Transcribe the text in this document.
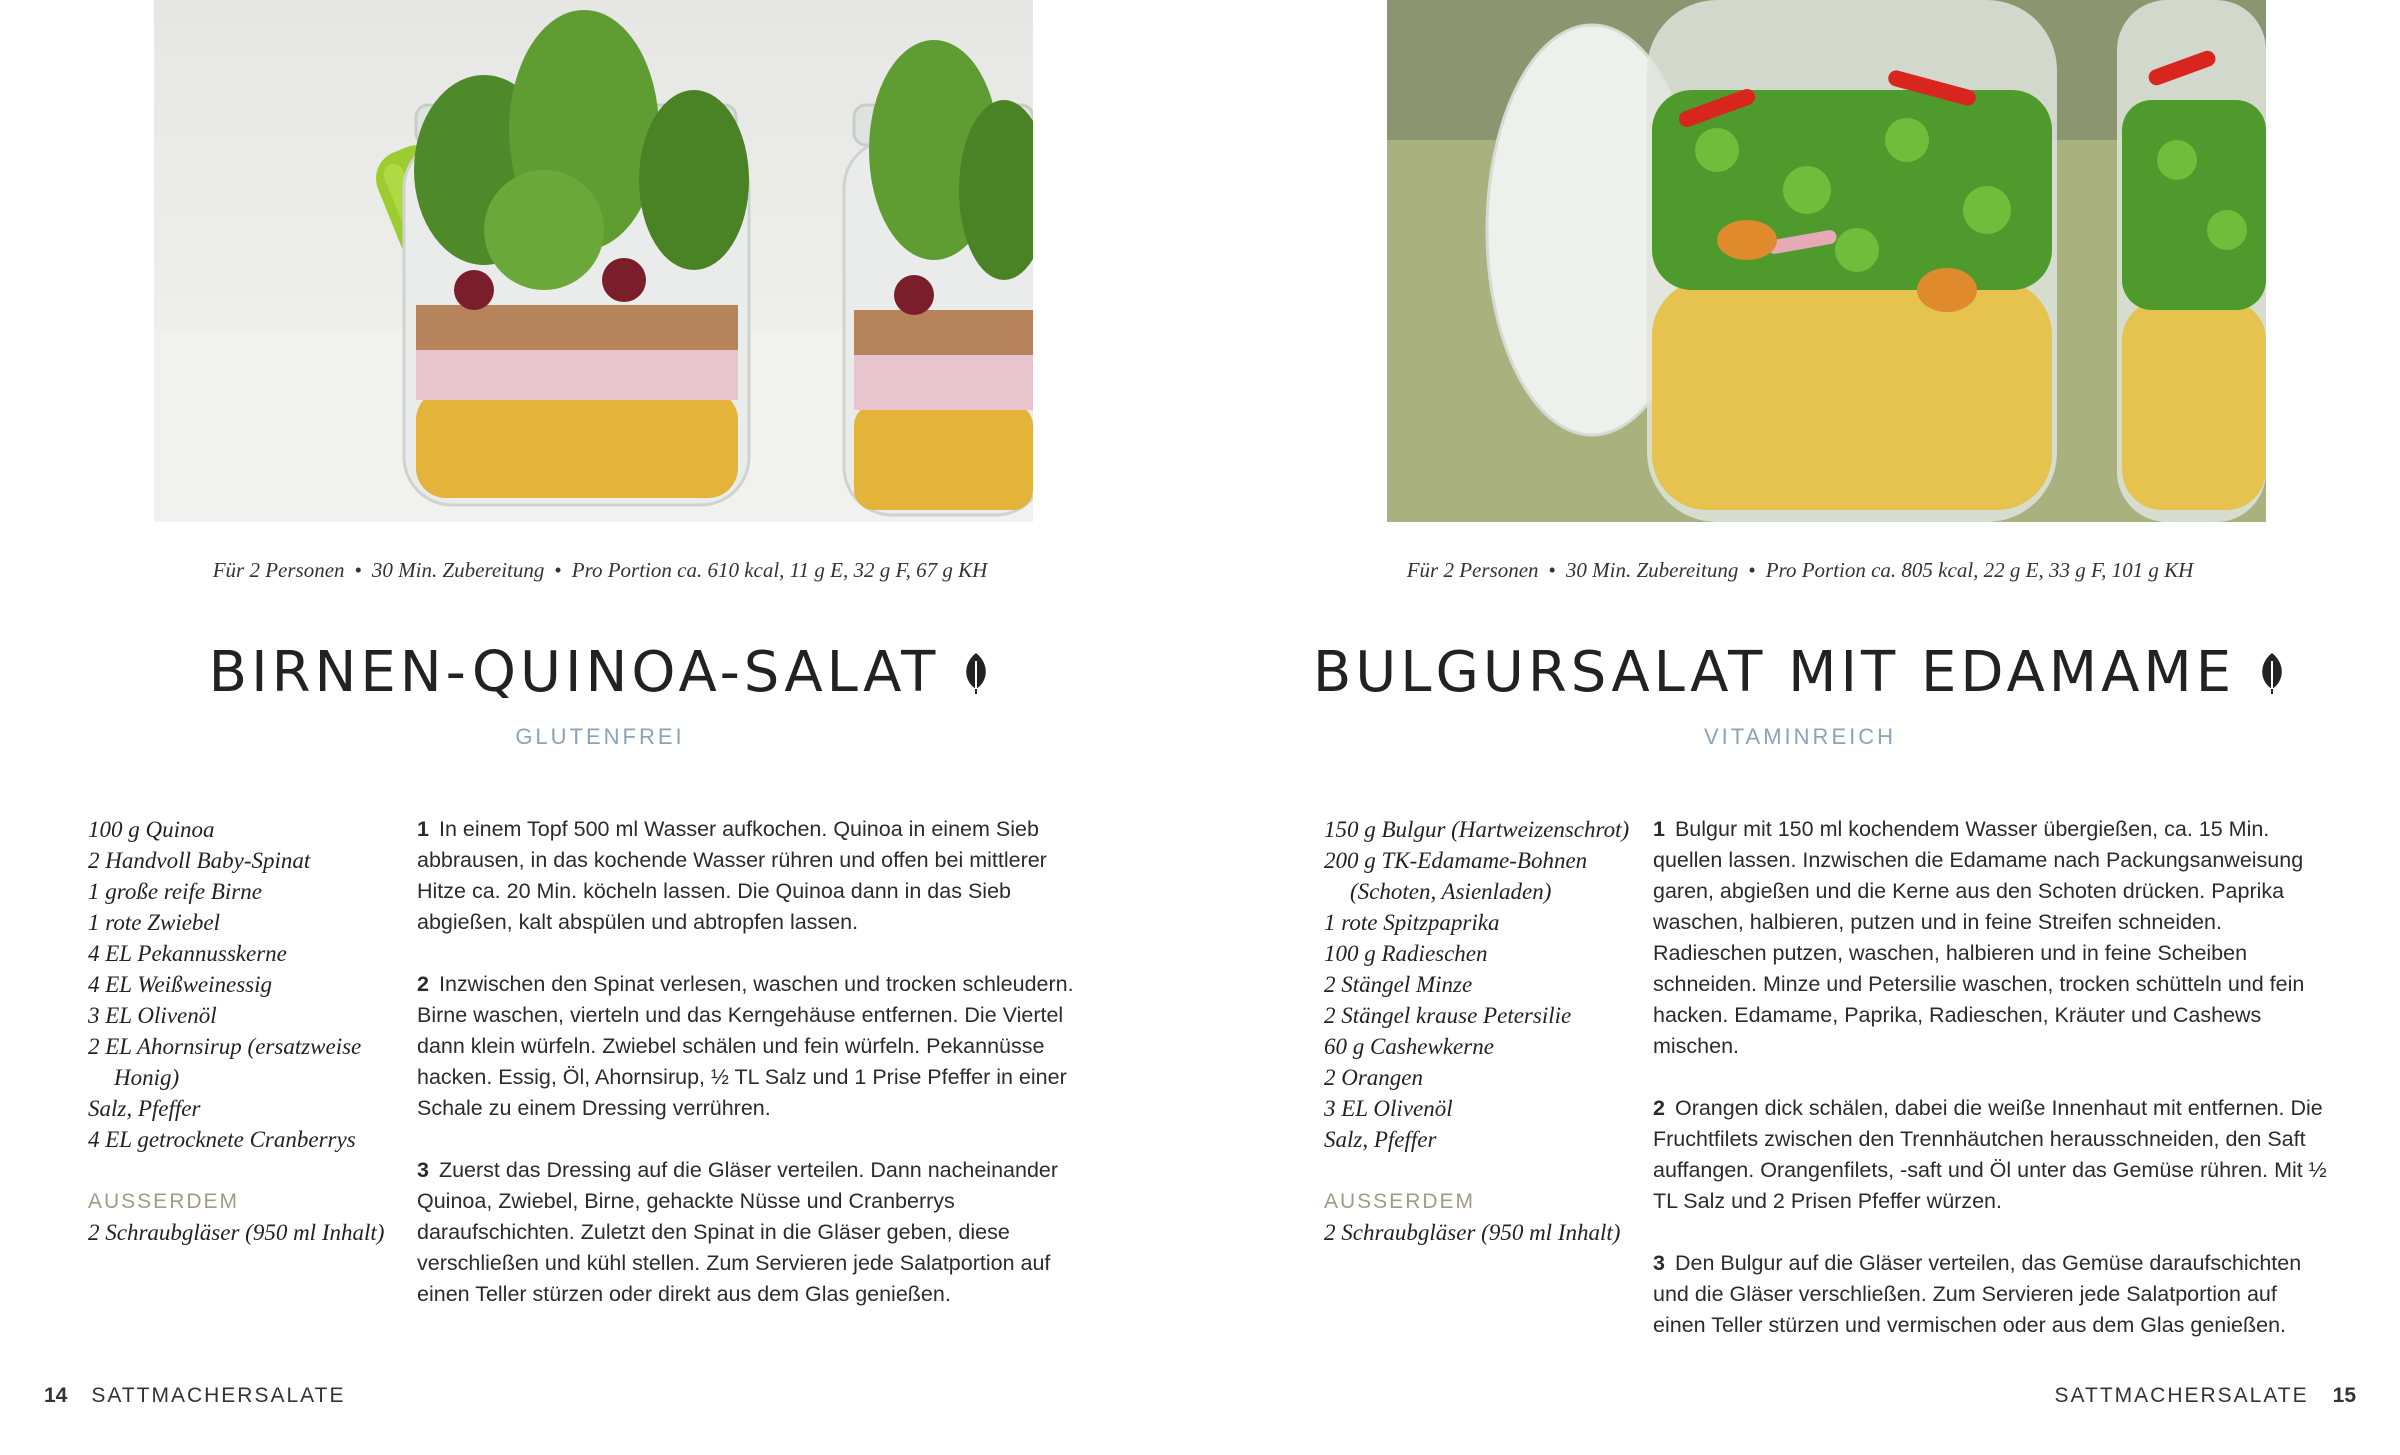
Für 2 Personen • 30 Min. Zubereitung • Pro Portion ca. 610 kcal, 11 g E, 32 g F, 67 g KH
BIRNEN-QUINOA-SALAT
GLUTENFREI
100 g Quinoa
2 Handvoll Baby-Spinat
1 große reife Birne
1 rote Zwiebel
4 EL Pekannusskerne
4 EL Weißweinessig
3 EL Olivenöl
2 EL Ahornsirup (ersatzweise Honig)
Salz, Pfeffer
4 EL getrocknete Cranberrys
AUSSERDEM
2 Schraubgläser (950 ml Inhalt)

1 In einem Topf 500 ml Wasser aufkochen. Quinoa in einem Sieb abbrausen, in das kochende Wasser rühren und offen bei mittlerer Hitze ca. 20 Min. köcheln lassen. Die Quinoa dann in das Sieb abgießen, kalt abspülen und abtropfen lassen.

2 Inzwischen den Spinat verlesen, waschen und trocken schleudern. Birne waschen, vierteln und das Kerngehäuse entfernen. Die Viertel dann klein würfeln. Zwiebel schälen und fein würfeln. Pekannüsse hacken. Essig, Öl, Ahornsirup, ½ TL Salz und 1 Prise Pfeffer in einer Schale zu einem Dressing verrühren.

3 Zuerst das Dressing auf die Gläser verteilen. Dann nacheinander Quinoa, Zwiebel, Birne, gehackte Nüsse und Cranberrys daraufschichten. Zuletzt den Spinat in die Gläser geben, diese verschließen und kühl stellen. Zum Servieren jede Salatportion auf einen Teller stürzen oder direkt aus dem Glas genießen.

14 SATTMACHERSALATE
Für 2 Personen • 30 Min. Zubereitung • Pro Portion ca. 805 kcal, 22 g E, 33 g F, 101 g KH
BULGURSALAT MIT EDAMAME
VITAMINREICH
150 g Bulgur (Hartweizenschrot)
200 g TK-Edamame-Bohnen (Schoten, Asienladen)
1 rote Spitzpaprika
100 g Radieschen
2 Stängel Minze
2 Stängel krause Petersilie
60 g Cashewkerne
2 Orangen
3 EL Olivenöl
Salz, Pfeffer
AUSSERDEM
2 Schraubgläser (950 ml Inhalt)

1 Bulgur mit 150 ml kochendem Wasser übergießen, ca. 15 Min. quellen lassen. Inzwischen die Edamame nach Packungsanweisung garen, abgießen und die Kerne aus den Schoten drücken. Paprika waschen, halbieren, putzen und in feine Streifen schneiden. Radieschen putzen, waschen, halbieren und in feine Scheiben schneiden. Minze und Petersilie waschen, trocken schütteln und fein hacken. Edamame, Paprika, Radieschen, Kräuter und Cashews mischen.

2 Orangen dick schälen, dabei die weiße Innenhaut mit entfernen. Die Fruchtfilets zwischen den Trennhäutchen herausschneiden, den Saft auffangen. Orangenfilets, -saft und Öl unter das Gemüse rühren. Mit ½ TL Salz und 2 Prisen Pfeffer würzen.

3 Den Bulgur auf die Gläser verteilen, das Gemüse daraufschichten und die Gläser verschließen. Zum Servieren jede Salatportion auf einen Teller stürzen und vermischen oder aus dem Glas genießen.

SATTMACHERSALATE 15
